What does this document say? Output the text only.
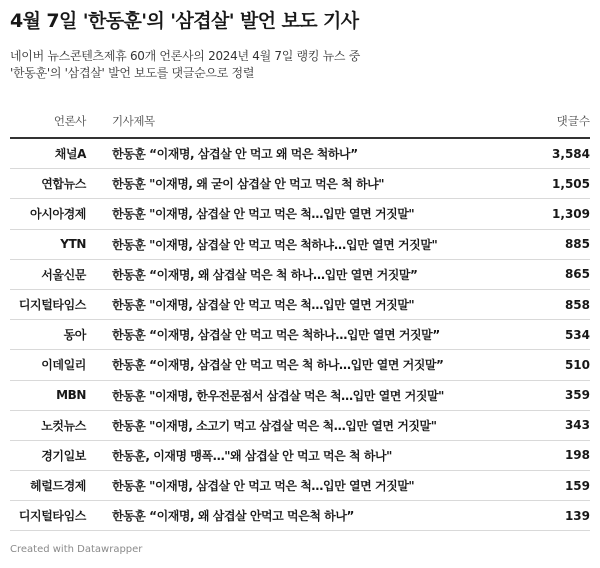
4월 7일 '한동훈'의 '삼겹살' 발언 보도 기사
네이버 뉴스콘텐츠제휴 60개 언론사의 2024년 4월 7일 랭킹 뉴스 중
'한동훈'의 '삼겹살' 발언 보도를 댓글순으로 정렬
언론사	기사제목	댓글수
채널A	한동훈 “이재명, 삼겹살 안 먹고 왜 먹은 척하나”	3,584
연합뉴스	한동훈 "이재명, 왜 굳이 삼겹살 안 먹고 먹은 척 하냐"	1,505
아시아경제	한동훈 "이재명, 삼겹살 안 먹고 먹은 척…입만 열면 거짓말"	1,309
YTN	한동훈 "이재명, 삼겹살 안 먹고 먹은 척하냐...입만 열면 거짓말"	885
서울신문	한동훈 “이재명, 왜 삼겹살 먹은 척 하나…입만 열면 거짓말”	865
디지털타임스	한동훈 "이재명, 삼겹살 안 먹고 먹은 척…입만 열면 거짓말"	858
동아	한동훈 “이재명, 삼겹살 안 먹고 먹은 척하나…입만 열면 거짓말”	534
이데일리	한동훈 “이재명, 삼겹살 안 먹고 먹은 척 하나…입만 열면 거짓말”	510
MBN	한동훈 "이재명, 한우전문점서 삼겹살 먹은 척…입만 열면 거짓말"	359
노컷뉴스	한동훈 "이재명, 소고기 먹고 삼겹살 먹은 척…입만 열면 거짓말"	343
경기일보	한동훈, 이재명 맹폭…"왜 삼겹살 안 먹고 먹은 척 하나"	198
헤럴드경제	한동훈 "이재명, 삼겹살 안 먹고 먹은 척…입만 열면 거짓말"	159
디지털타임스	한동훈 “이재명, 왜 삼겹살 안먹고 먹은척 하나”	139
Created with Datawrapper
